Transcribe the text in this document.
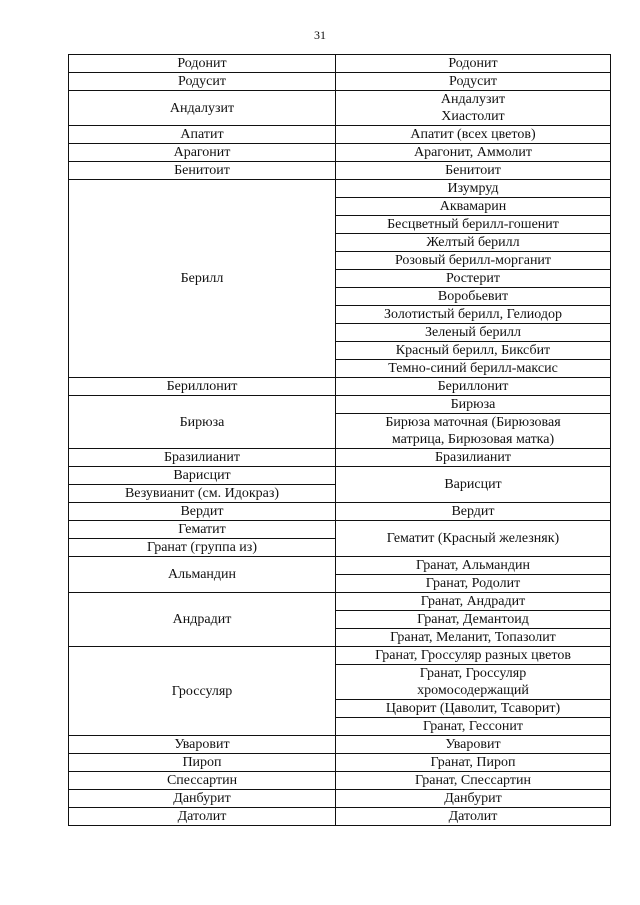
31
Родонит	Родонит
Родусит	Родусит
Андалузит	Андалузит
Хиастолит

Апатит	Апатит (всех цветов)
Арагонит	Арагонит, Аммолит
Бенитоит	Бенитоит
Берилл	Изумруд
	Аквамарин
	Бесцветный берилл-гошенит
	Желтый берилл
	Розовый берилл-морганит
	Ростерит
	Воробьевит
	Золотистый берилл, Гелиодор
	Зеленый берилл
	Красный берилл, Биксбит
	Темно-синий берилл-максис
Бериллонит	Бериллонит
Бирюза	Бирюза

	Бирюза маточная (Бирюзовая
матрица, Бирюзовая матка)

Бразилианит	Бразилианит
Варисцит	Варисцит
Везувианит (см. Идокраз)	
Вердит	Вердит
Гематит	Гематит (Красный железняк)
Гранат (группа из)	
Альмандин	Гранат, Альмандин
	Гранат, Родолит
Андрадит	Гранат, Андрадит
	Гранат, Демантоид
	Гранат, Меланит, Топазолит
Гроссуляр	Гранат, Гроссуляр разных цветов

	Гранат, Гроссуляр
хромосодержащий

	Цаворит (Цаволит, Тсаворит)
	Гранат, Гессонит
Уваровит	Уваровит
Пироп	Гранат, Пироп
Спессартин	Гранат, Спессартин
Данбурит	Данбурит
Датолит	Датолит
